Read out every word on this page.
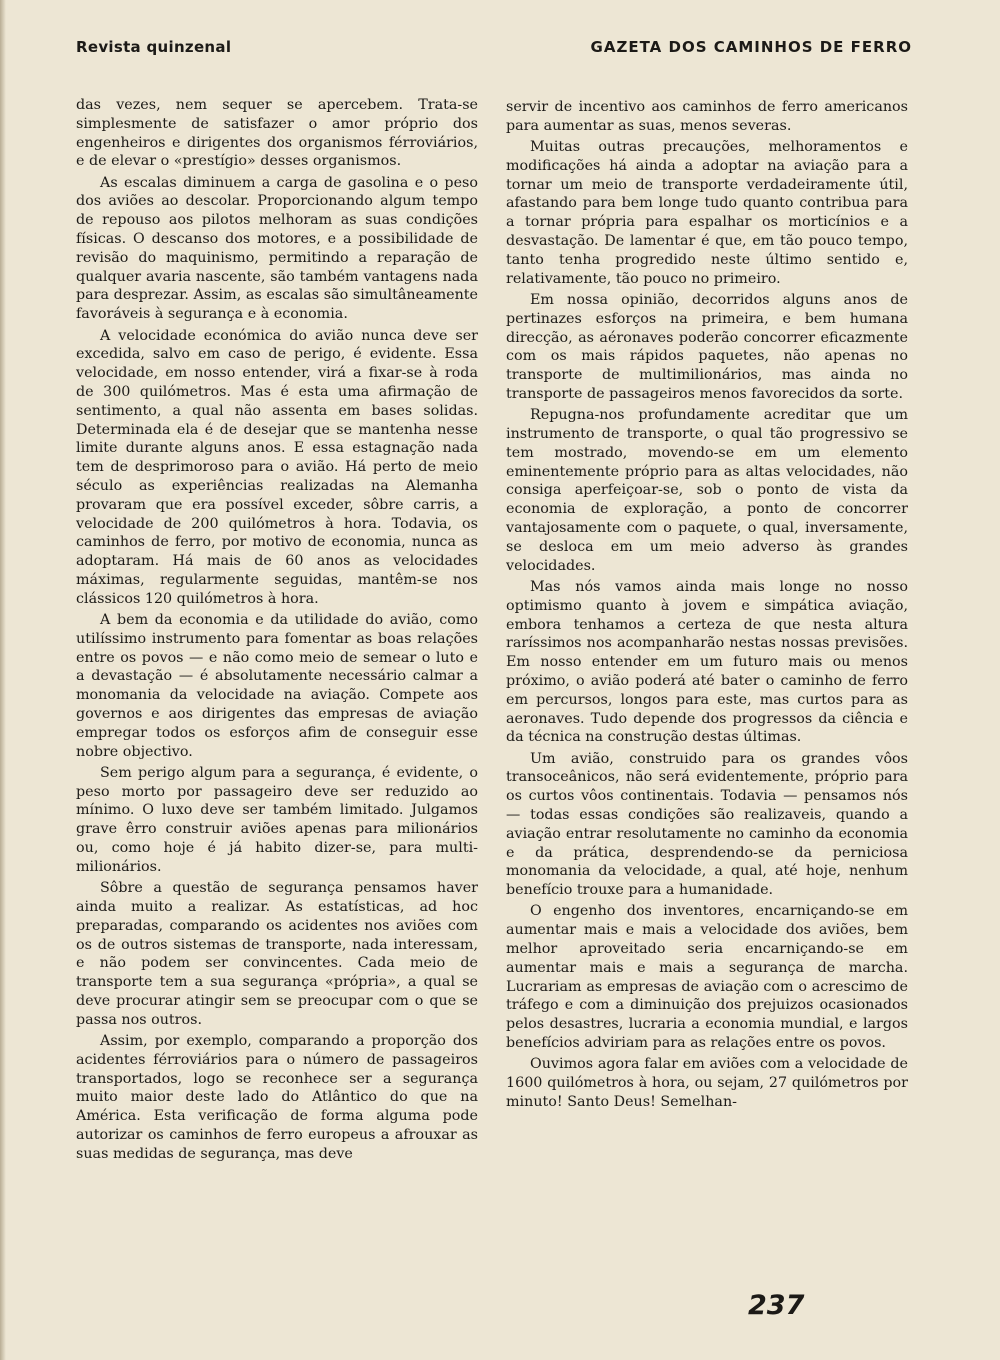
Revista quinzenal	GAZETA DOS CAMINHOS DE FERRO

das vezes, nem sequer se apercebem. Trata-se simplesmente de satisfazer o amor próprio dos engenheiros e dirigentes dos organismos férroviários, e de elevar o «prestígio» desses organismos.

As escalas diminuem a carga de gasolina e o peso dos aviões ao descolar. Proporcionando algum tempo de repouso aos pilotos melhoram as suas condições físicas. O descanso dos motores, e a possibilidade de revisão do maquinismo, permitindo a reparação de qualquer avaria nascente, são também vantagens nada para desprezar. Assim, as escalas são simultâneamente favoráveis à segurança e à economia.

A velocidade económica do avião nunca deve ser excedida, salvo em caso de perigo, é evidente. Essa velocidade, em nosso entender, virá a fixar-se à roda de 300 quilómetros. Mas é esta uma afirmação de sentimento, a qual não assenta em bases solidas. Determinada ela é de desejar que se mantenha nesse limite durante alguns anos. E essa estagnação nada tem de desprimoroso para o avião. Há perto de meio século as experiências realizadas na Alemanha provaram que era possível exceder, sôbre carris, a velocidade de 200 quilómetros à hora. Todavia, os caminhos de ferro, por motivo de economia, nunca as adoptaram. Há mais de 60 anos as velocidades máximas, regularmente seguidas, mantêm-se nos clássicos 120 quilómetros à hora.

A bem da economia e da utilidade do avião, como utilíssimo instrumento para fomentar as boas relações entre os povos — e não como meio de semear o luto e a devastação — é absolutamente necessário calmar a monomania da velocidade na aviação. Compete aos governos e aos dirigentes das empresas de aviação empregar todos os esforços afim de conseguir esse nobre objectivo.

Sem perigo algum para a segurança, é evidente, o peso morto por passageiro deve ser reduzido ao mínimo. O luxo deve ser também limitado. Julgamos grave êrro construir aviões apenas para milionários ou, como hoje é já habito dizer-se, para multi-milionários.

Sôbre a questão de segurança pensamos haver ainda muito a realizar. As estatísticas, ad hoc preparadas, comparando os acidentes nos aviões com os de outros sistemas de transporte, nada interessam, e não podem ser convincentes. Cada meio de transporte tem a sua segurança «própria», a qual se deve procurar atingir sem se preocupar com o que se passa nos outros.

Assim, por exemplo, comparando a proporção dos acidentes férroviários para o número de passageiros transportados, logo se reconhece ser a segurança muito maior deste lado do Atlântico do que na América. Esta verificação de forma alguma pode autorizar os caminhos de ferro europeus a afrouxar as suas medidas de segurança, mas deve

servir de incentivo aos caminhos de ferro americanos para aumentar as suas, menos severas.

Muitas outras precauções, melhoramentos e modificações há ainda a adoptar na aviação para a tornar um meio de transporte verdadeiramente útil, afastando para bem longe tudo quanto contribua para a tornar própria para espalhar os morticínios e a desvastação. De lamentar é que, em tão pouco tempo, tanto tenha progredido neste último sentido e, relativamente, tão pouco no primeiro.

Em nossa opinião, decorridos alguns anos de pertinazes esforços na primeira, e bem humana direcção, as aéronaves poderão concorrer eficazmente com os mais rápidos paquetes, não apenas no transporte de multimilionários, mas ainda no transporte de passageiros menos favorecidos da sorte.

Repugna-nos profundamente acreditar que um instrumento de transporte, o qual tão progressivo se tem mostrado, movendo-se em um elemento eminentemente próprio para as altas velocidades, não consiga aperfeiçoar-se, sob o ponto de vista da economia de exploração, a ponto de concorrer vantajosamente com o paquete, o qual, inversamente, se desloca em um meio adverso às grandes velocidades.

Mas nós vamos ainda mais longe no nosso optimismo quanto à jovem e simpática aviação, embora tenhamos a certeza de que nesta altura raríssimos nos acompanharão nestas nossas previsões. Em nosso entender em um futuro mais ou menos próximo, o avião poderá até bater o caminho de ferro em percursos, longos para este, mas curtos para as aeronaves. Tudo depende dos progressos da ciência e da técnica na construção destas últimas.

Um avião, construido para os grandes vôos transoceânicos, não será evidentemente, próprio para os curtos vôos continentais. Todavia — pensamos nós — todas essas condições são realizaveis, quando a aviação entrar resolutamente no caminho da economia e da prática, desprendendo-se da perniciosa monomania da velocidade, a qual, até hoje, nenhum benefício trouxe para a humanidade.

O engenho dos inventores, encarniçando-se em aumentar mais e mais a velocidade dos aviões, bem melhor aproveitado seria encarniçando-se em aumentar mais e mais a segurança de marcha. Lucrariam as empresas de aviação com o acrescimo de tráfego e com a diminuição dos prejuizos ocasionados pelos desastres, lucraria a economia mundial, e largos benefícios adviriam para as relações entre os povos.

Ouvimos agora falar em aviões com a velocidade de 1600 quilómetros à hora, ou sejam, 27 quilómetros por minuto! Santo Deus! Semelhan-

237
